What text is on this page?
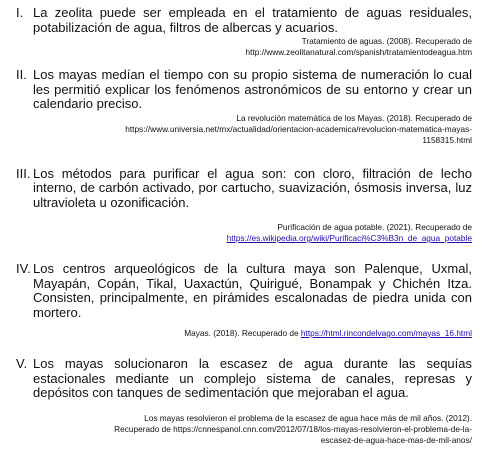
I. La zeolita puede ser empleada en el tratamiento de aguas residuales, potabilización de agua, filtros de albercas y acuarios.
Tratamiento de aguas. (2008). Recuperado de
http://www.zeolitanatural.com/spanish/tratamientodeagua.htm
II. Los mayas medían el tiempo con su propio sistema de numeración lo cual les permitió explicar los fenómenos astronómicos de su entorno y crear un calendario preciso.
La revolución matemática de los Mayas. (2018). Recuperado de
https://www.universia.net/mx/actualidad/orientacion-academica/revolucion-matematica-mayas-
1158315.html
III. Los métodos para purificar el agua son: con cloro, filtración de lecho interno, de carbón activado, por cartucho, suavización, ósmosis inversa, luz ultravioleta u ozonificación.
Purificación de agua potable. (2021). Recuperado de
https://es.wikipedia.org/wiki/Purificaci%C3%B3n_de_agua_potable
IV. Los centros arqueológicos de la cultura maya son Palenque, Uxmal, Mayapán, Copán, Tikal, Uaxactún, Quirigué, Bonampak y Chichén Itza. Consisten, principalmente, en pirámides escalonadas de piedra unida con mortero.
Mayas. (2018). Recuperado de https://html.rincondelvago.com/mayas_16.html
V. Los mayas solucionaron la escasez de agua durante las sequías estacionales mediante un complejo sistema de canales, represas y depósitos con tanques de sedimentación que mejoraban el agua.
Los mayas resolvieron el problema de la escasez de agua hace más de mil años. (2012).
Recuperado de https://cnnespanol.cnn.com/2012/07/18/los-mayas-resolvieron-el-problema-de-la-
escasez-de-agua-hace-mas-de-mil-anos/
